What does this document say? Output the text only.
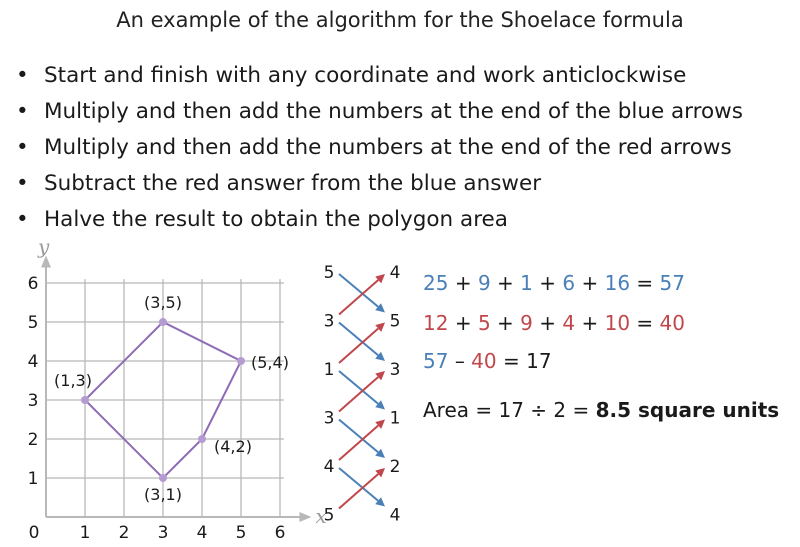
An example of the algorithm for the Shoelace formula
• Start and finish with any coordinate and work anticlockwise
• Multiply and then add the numbers at the end of the blue arrows
• Multiply and then add the numbers at the end of the red arrows
• Subtract the red answer from the blue answer
• Halve the result to obtain the polygon area
x
y
1 2 3 4 5 6
1
2
3
4
5
6
0
(3,5)
(1,3)
(3,1)
(4,2)
(5,4)
5
3
1
3
4
5
4
5
3
1
2
4
25 + 9 + 1 + 6 + 16 = 57
12 + 5 + 9 + 4 + 10 = 40
57 – 40 = 17
Area = 17 ÷ 2 = 8.5 square units
